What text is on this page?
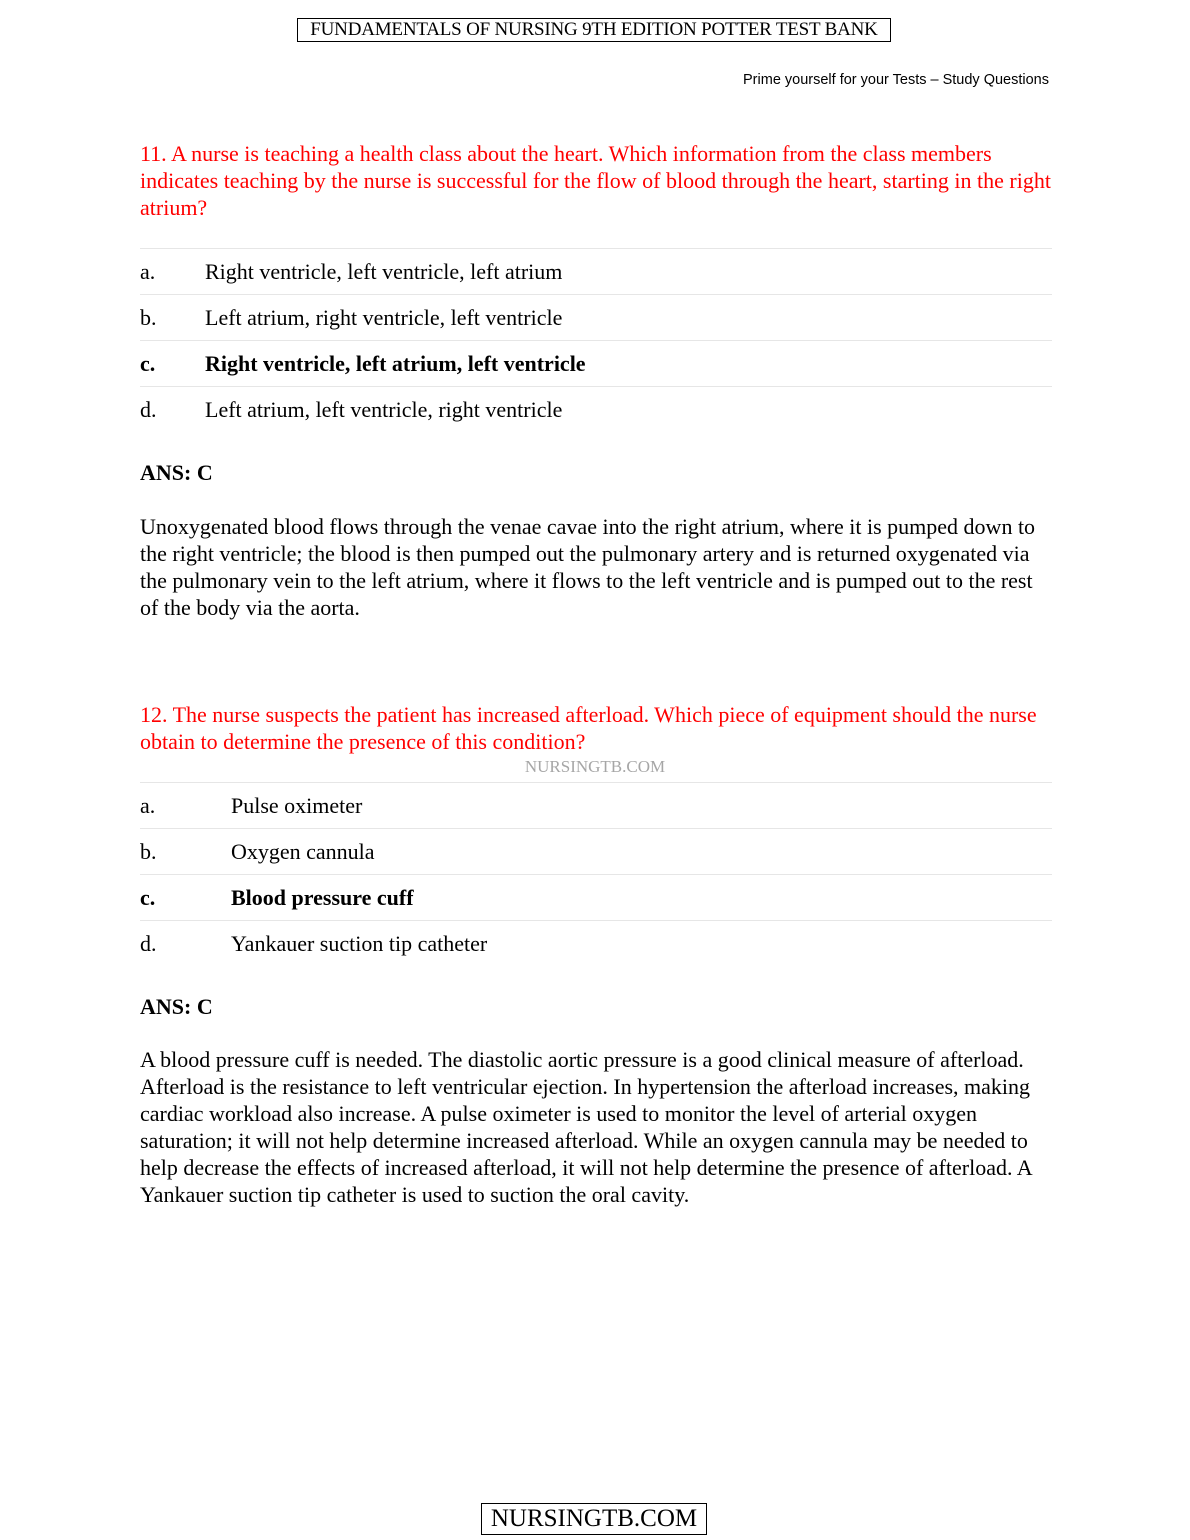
FUNDAMENTALS OF NURSING 9TH EDITION POTTER TEST BANK
Prime yourself for your Tests – Study Questions
11. A nurse is teaching a health class about the heart. Which information from the class members indicates teaching by the nurse is successful for the flow of blood through the heart, starting in the right atrium?
a.	Right ventricle, left ventricle, left atrium
b.	Left atrium, right ventricle, left ventricle
c.	Right ventricle, left atrium, left ventricle
d.	Left atrium, left ventricle, right ventricle
ANS: C
Unoxygenated blood flows through the venae cavae into the right atrium, where it is pumped down to the right ventricle; the blood is then pumped out the pulmonary artery and is returned oxygenated via the pulmonary vein to the left atrium, where it flows to the left ventricle and is pumped out to the rest of the body via the aorta.
12. The nurse suspects the patient has increased afterload. Which piece of equipment should the nurse obtain to determine the presence of this condition?
NURSINGTB.COM
a.	Pulse oximeter
b.	Oxygen cannula
c.	Blood pressure cuff
d.	Yankauer suction tip catheter
ANS: C
A blood pressure cuff is needed. The diastolic aortic pressure is a good clinical measure of afterload. Afterload is the resistance to left ventricular ejection. In hypertension the afterload increases, making cardiac workload also increase. A pulse oximeter is used to monitor the level of arterial oxygen saturation; it will not help determine increased afterload. While an oxygen cannula may be needed to help decrease the effects of increased afterload, it will not help determine the presence of afterload. A Yankauer suction tip catheter is used to suction the oral cavity.
NURSINGTB.COM
